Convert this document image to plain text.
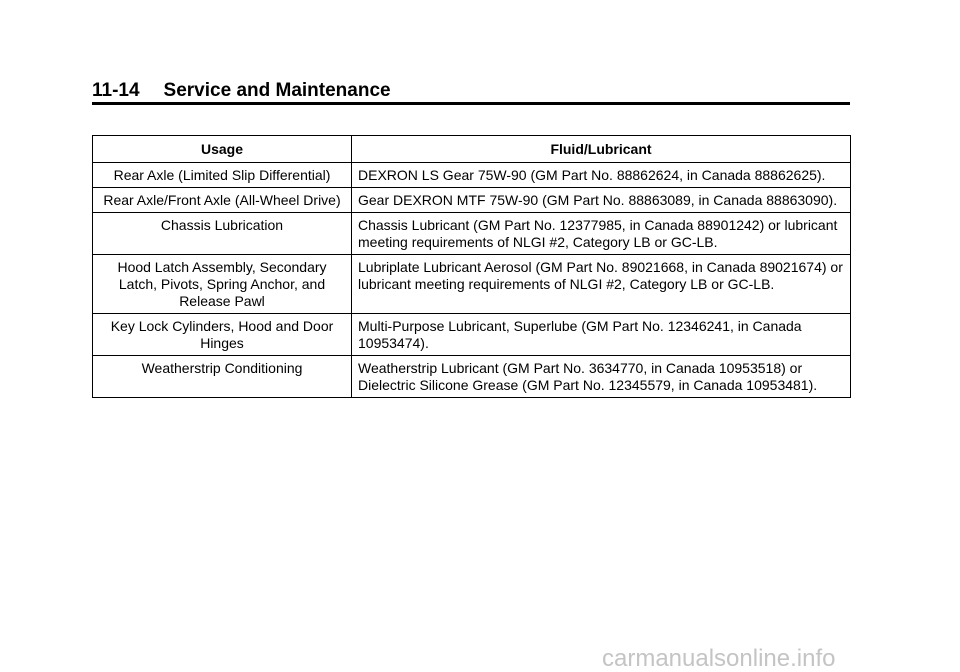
11-14 Service and Maintenance
Usage	Fluid/Lubricant
Rear Axle (Limited Slip Differential)	DEXRON LS Gear 75W-90 (GM Part No. 88862624, in Canada 88862625).
Rear Axle/Front Axle (All-Wheel Drive)	Gear DEXRON MTF 75W-90 (GM Part No. 88863089, in Canada 88863090).
Chassis Lubrication	Chassis Lubricant (GM Part No. 12377985, in Canada 88901242) or lubricant meeting requirements of NLGI #2, Category LB or GC-LB.
Hood Latch Assembly, Secondary Latch, Pivots, Spring Anchor, and Release Pawl	Lubriplate Lubricant Aerosol (GM Part No. 89021668, in Canada 89021674) or lubricant meeting requirements of NLGI #2, Category LB or GC-LB.
Key Lock Cylinders, Hood and Door Hinges	Multi-Purpose Lubricant, Superlube (GM Part No. 12346241, in Canada 10953474).
Weatherstrip Conditioning	Weatherstrip Lubricant (GM Part No. 3634770, in Canada 10953518) or Dielectric Silicone Grease (GM Part No. 12345579, in Canada 10953481).
carmanualsonline.info
